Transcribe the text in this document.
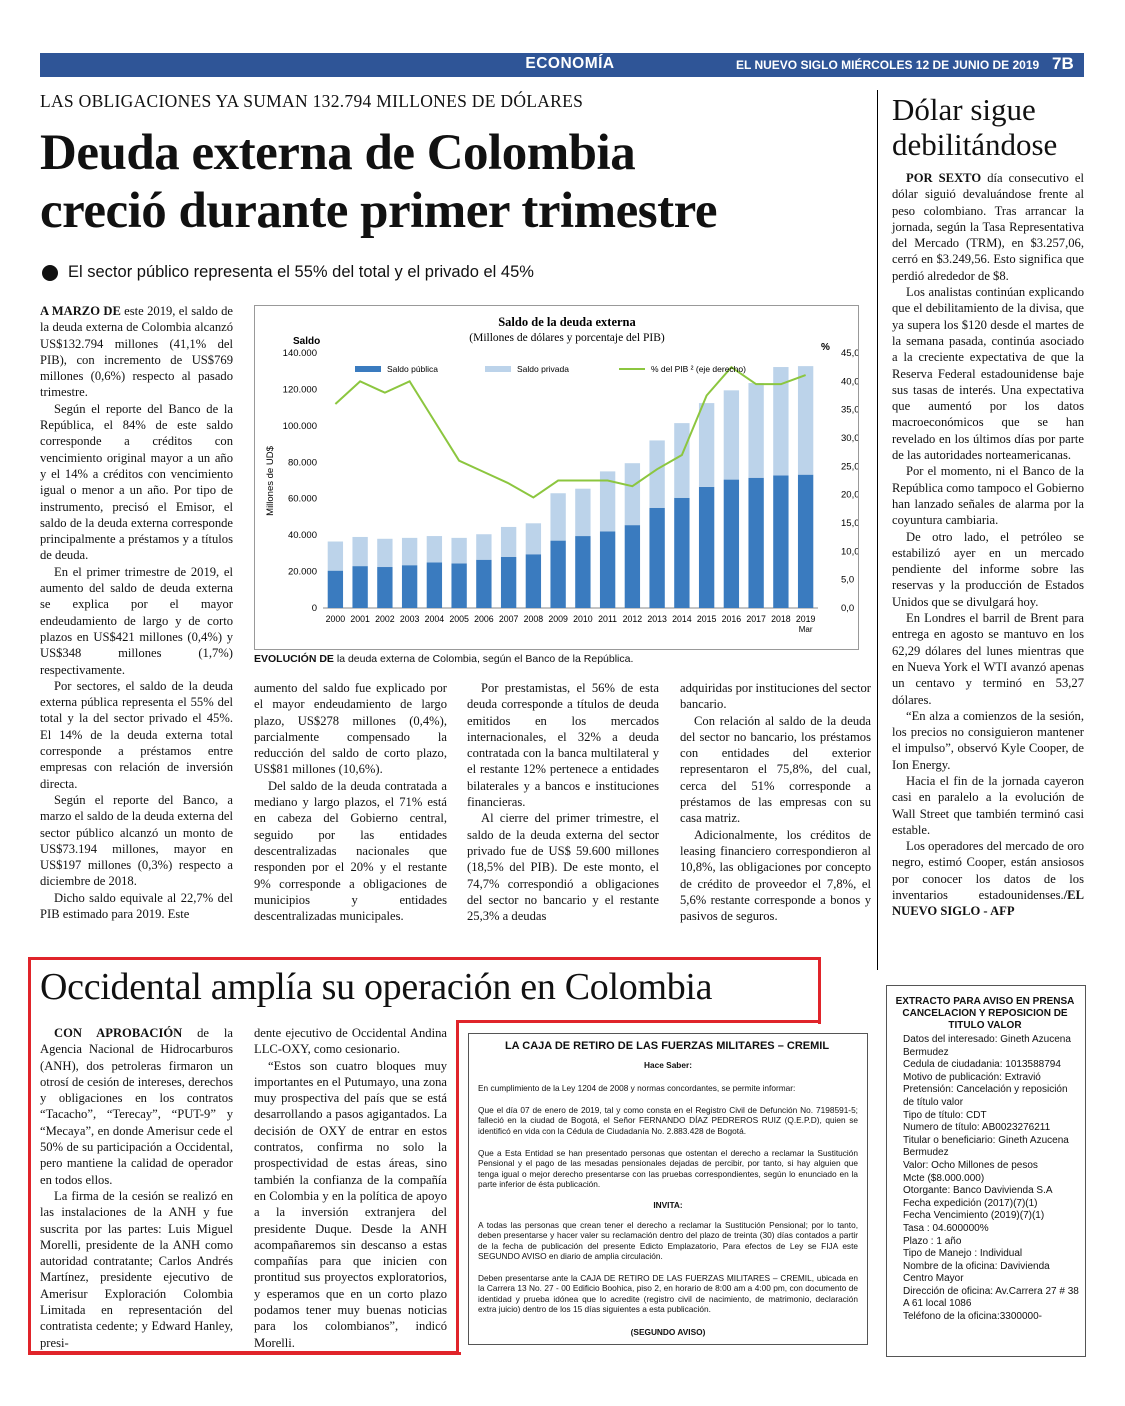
ECONOMÍA	EL NUEVO SIGLO MIÉRCOLES 12 DE JUNIO DE 2019 7B
LAS OBLIGACIONES YA SUMAN 132.794 MILLONES DE DÓLARES
Deuda externa de Colombia
creció durante primer trimestre
El sector público representa el 55% del total y el privado el 45%

A MARZO DE este 2019, el saldo de la deuda externa de Colombia alcanzó US$132.794 millones (41,1% del PIB), con incremento de US$769 millones (0,6%) respecto al pasado trimestre.

Según el reporte del Banco de la República, el 84% de este saldo corresponde a créditos con vencimiento original mayor a un año y el 14% a créditos con vencimiento igual o menor a un año. Por tipo de instrumento, precisó el Emisor, el saldo de la deuda externa corresponde principalmente a préstamos y a títulos de deuda.

En el primer trimestre de 2019, el aumento del saldo de deuda externa se explica por el mayor endeudamiento de largo y de corto plazos en US$421 millones (0,4%) y US$348 millones (1,7%) respectivamente.

Por sectores, el saldo de la deuda externa pública representa el 55% del total y la del sector privado el 45%. El 14% de la deuda externa total corresponde a préstamos entre empresas con relación de inversión directa.

Según el reporte del Banco, a marzo el saldo de la deuda externa del sector público alcanzó un monto de US$73.194 millones, mayor en US$197 millones (0,3%) respecto a diciembre de 2018.

Dicho saldo equivale al 22,7% del PIB estimado para 2019. Este

Saldo de la deuda externa
(Millones de dólares y porcentaje del PIB)
Saldo
%
Millones de UD$
0
20.000
40.000
60.000
80.000
100.000
120.000
140.000
0,0
5,0
10,0
15,0
20,0
25,0
30,0
35,0
40,0
45,0
2000 2001 2002 2003 2004 2005 2006 2007 2008 2009 2010 2011 2012 2013 2014 2015 2016 2017 2018 2019
Mar
Saldo pública	Saldo privada	% del PIB ² (eje derecho)
EVOLUCIÓN DE la deuda externa de Colombia, según el Banco de la República.

aumento del saldo fue explicado por el mayor endeudamiento de largo plazo, US$278 millones (0,4%), parcialmente compensado la reducción del saldo de corto plazo, US$81 millones (10,6%).

Del saldo de la deuda contratada a mediano y largo plazos, el 71% está en cabeza del Gobierno central, seguido por las entidades descentralizadas nacionales que responden por el 20% y el restante 9% corresponde a obligaciones de municipios y entidades descentralizadas municipales.

Por prestamistas, el 56% de esta deuda corresponde a títulos de deuda emitidos en los mercados internacionales, el 32% a deuda contratada con la banca multilateral y el restante 12% pertenece a entidades bilaterales y a bancos e instituciones financieras.

Al cierre del primer trimestre, el saldo de la deuda externa del sector privado fue de US$ 59.600 millones (18,5% del PIB). De este monto, el 74,7% correspondió a obligaciones del sector no bancario y el restante 25,3% a deudas

adquiridas por instituciones del sector bancario.

Con relación al saldo de la deuda del sector no bancario, los préstamos con entidades del exterior representaron el 75,8%, del cual, cerca del 51% corresponde a préstamos de las empresas con su casa matriz.

Adicionalmente, los créditos de leasing financiero correspondieron al 10,8%, las obligaciones por concepto de crédito de proveedor el 7,8%, el 5,6% restante corresponde a bonos y pasivos de seguros.

Dólar sigue debilitándose

POR SEXTO día consecutivo el dólar siguió devaluándose frente al peso colombiano. Tras arrancar la jornada, según la Tasa Representativa del Mercado (TRM), en $3.257,06, cerró en $3.249,56. Esto significa que perdió alrededor de $8.

Los analistas continúan explicando que el debilitamiento de la divisa, que ya supera los $120 desde el martes de la semana pasada, continúa asociado a la creciente expectativa de que la Reserva Federal estadounidense baje sus tasas de interés. Una expectativa que aumentó por los datos macroeconómicos que se han revelado en los últimos días por parte de las autoridades norteamericanas.

Por el momento, ni el Banco de la República como tampoco el Gobierno han lanzado señales de alarma por la coyuntura cambiaria.

De otro lado, el petróleo se estabilizó ayer en un mercado pendiente del informe sobre las reservas y la producción de Estados Unidos que se divulgará hoy.

En Londres el barril de Brent para entrega en agosto se mantuvo en los 62,29 dólares del lunes mientras que en Nueva York el WTI avanzó apenas un centavo y terminó en 53,27 dólares.

“En alza a comienzos de la sesión, los precios no consiguieron mantener el impulso”, observó Kyle Cooper, de Ion Energy.

Hacia el fin de la jornada cayeron casi en paralelo a la evolución de Wall Street que también terminó casi estable.

Los operadores del mercado de oro negro, estimó Cooper, están ansiosos por conocer los datos de los inventarios estadounidenses./EL NUEVO SIGLO - AFP

Occidental amplía su operación en Colombia

CON APROBACIÓN de la Agencia Nacional de Hidrocarburos (ANH), dos petroleras firmaron un otrosí de cesión de intereses, derechos y obligaciones en los contratos “Tacacho”, “Terecay”, “PUT-9” y “Mecaya”, en donde Amerisur cede el 50% de su participación a Occidental, pero mantiene la calidad de operador en todos ellos.

La firma de la cesión se realizó en las instalaciones de la ANH y fue suscrita por las partes: Luis Miguel Morelli, presidente de la ANH como autoridad contratante; Carlos Andrés Martínez, presidente ejecutivo de Amerisur Exploración Colombia Limitada en representación del contratista cedente; y Edward Hanley, presi-

dente ejecutivo de Occidental Andina LLC-OXY, como cesionario.

“Estos son cuatro bloques muy importantes en el Putumayo, una zona muy prospectiva del país que se está desarrollando a pasos agigantados. La decisión de OXY de entrar en estos contratos, confirma no solo la prospectividad de estas áreas, sino también la confianza de la compañía en Colombia y en la política de apoyo a la inversión extranjera del presidente Duque. Desde la ANH acompañaremos sin descanso a estas compañías para que inicien con prontitud sus proyectos exploratorios, y esperamos que en un corto plazo podamos tener muy buenas noticias para los colombianos”, indicó Morelli.

LA CAJA DE RETIRO DE LAS FUERZAS MILITARES – CREMIL
Hace Saber:
En cumplimiento de la Ley 1204 de 2008 y normas concordantes, se permite informar:
Que el día 07 de enero de 2019, tal y como consta en el Registro Civil de Defunción No. 7198591-5; falleció en la ciudad de Bogotá, el Señor FERNANDO DÍAZ PEDREROS RUIZ (Q.E.P.D), quien se identificó en vida con la Cédula de Ciudadanía No. 2.883.428 de Bogotá.
Que a Esta Entidad se han presentado personas que ostentan el derecho a reclamar la Sustitución Pensional y el pago de las mesadas pensionales dejadas de percibir, por tanto, si hay alguien que tenga igual o mejor derecho presentarse con las pruebas correspondientes, según lo enunciado en la parte inferior de ésta publicación.
INVITA:
A todas las personas que crean tener el derecho a reclamar la Sustitución Pensional; por lo tanto, deben presentarse y hacer valer su reclamación dentro del plazo de treinta (30) días contados a partir de la fecha de publicación del presente Edicto Emplazatorio, Para efectos de Ley se FIJA este SEGUNDO AVISO en diario de amplia circulación.
Deben presentarse ante la CAJA DE RETIRO DE LAS FUERZAS MILITARES – CREMIL, ubicada en la Carrera 13 No. 27 - 00 Edificio Boohica, piso 2, en horario de 8:00 am a 4:00 pm, con documento de identidad y prueba idónea que lo acredite (registro civil de nacimiento, de matrimonio, declaración extra juicio) dentro de los 15 días siguientes a esta publicación.
(SEGUNDO AVISO)
EXTRACTO PARA AVISO EN PRENSA CANCELACION Y REPOSICION DE TITULO VALOR
Datos del interesado: Gineth Azucena Bermudez
Cedula de ciudadania: 1013588794
Motivo de publicación: Extravió
Pretensión: Cancelación y reposición de título valor
Tipo de título: CDT
Numero de título: AB0023276211
Titular o beneficiario: Gineth Azucena Bermudez
Valor: Ocho Millones de pesos
Mcte ($8.000.000)
Otorgante: Banco Davivienda S.A
Fecha expedición (2017)(7)(1)
Fecha Vencimiento (2019)(7)(1)
Tasa : 04.600000%
Plazo : 1 año
Tipo de Manejo : Individual
Nombre de la oficina: Davivienda Centro Mayor
Dirección de oficina: Av.Carrera 27 # 38 A 61 local 1086
Teléfono de la oficina:3300000-
